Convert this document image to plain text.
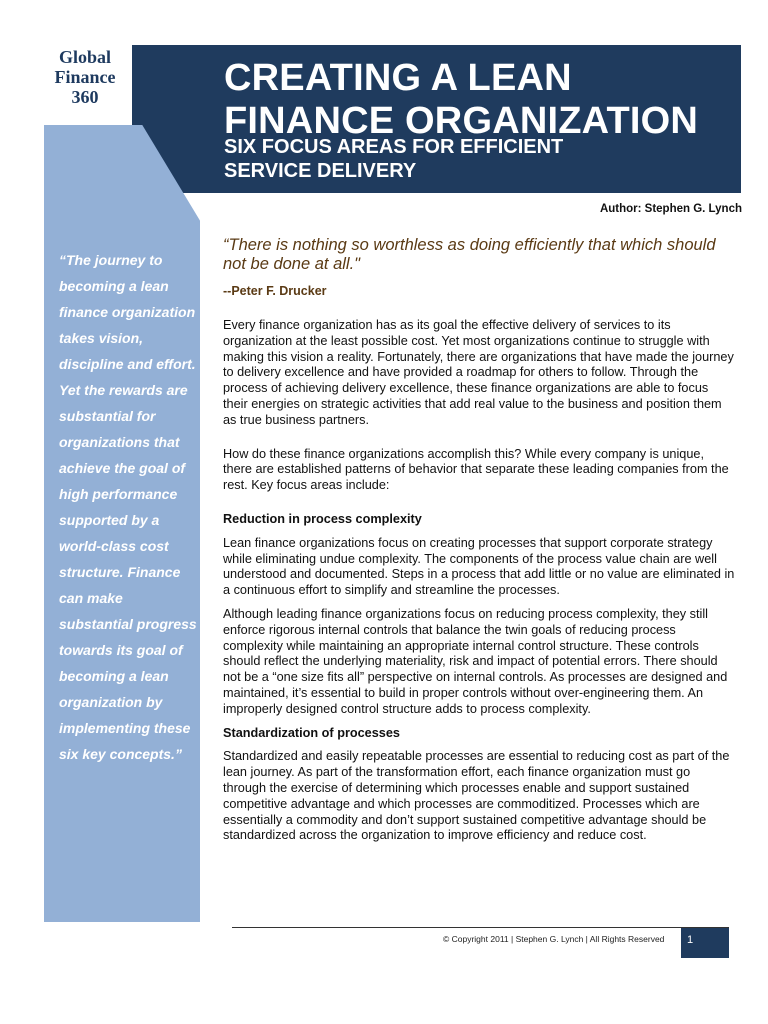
Global
Finance
360	CREATING A LEAN
FINANCE ORGANIZATION
SIX FOCUS AREAS FOR EFFICIENT
SERVICE DELIVERY

“The journey to becoming a lean finance organization takes vision, discipline and effort. Yet the rewards are substantial for organizations that achieve the goal of high performance supported by a world-class cost structure. Finance can make substantial progress towards its goal of becoming a lean organization by implementing these six key concepts.”

Author: Stephen G. Lynch

“There is nothing so worthless as doing efficiently that which should not be done at all."

--Peter F. Drucker

Every finance organization has as its goal the effective delivery of services to its organization at the least possible cost. Yet most organizations continue to struggle with making this vision a reality. Fortunately, there are organizations that have made the journey to delivery excellence and have provided a roadmap for others to follow. Through the process of achieving delivery excellence, these finance organizations are able to focus their energies on strategic activities that add real value to the business and position them as true business partners.

How do these finance organizations accomplish this? While every company is unique, there are established patterns of behavior that separate these leading companies from the rest. Key focus areas include:

Reduction in process complexity

Lean finance organizations focus on creating processes that support corporate strategy while eliminating undue complexity. The components of the process value chain are well understood and documented. Steps in a process that add little or no value are eliminated in a continuous effort to simplify and streamline the processes.

Although leading finance organizations focus on reducing process complexity, they still enforce rigorous internal controls that balance the twin goals of reducing process complexity while maintaining an appropriate internal control structure. These controls should reflect the underlying materiality, risk and impact of potential errors. There should not be a “one size fits all” perspective on internal controls. As processes are designed and maintained, it’s essential to build in proper controls without over-engineering them. An improperly designed control structure adds to process complexity.

Standardization of processes

Standardized and easily repeatable processes are essential to reducing cost as part of the lean journey. As part of the transformation effort, each finance organization must go through the exercise of determining which processes enable and support sustained competitive advantage and which processes are commoditized. Processes which are essentially a commodity and don’t support sustained competitive advantage should be standardized across the organization to improve efficiency and reduce cost.

© Copyright 2011 | Stephen G. Lynch | All Rights Reserved 1
